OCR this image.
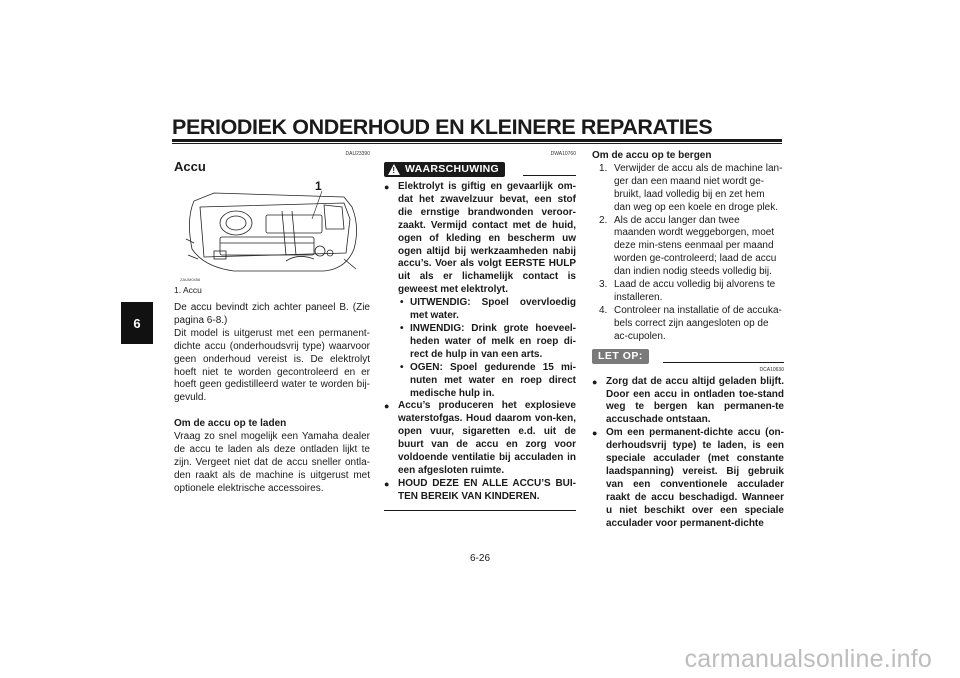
PERIODIEK ONDERHOUD EN KLEINERE REPARATIES
6
DAU23390
Accu
1
ZAUM0456
1. Accu

De accu bevindt zich achter paneel B. (Zie pagina 6-8.)

Dit model is uitgerust met een permanent-dichte accu (onderhoudsvrij type) waarvoor geen onderhoud vereist is. De elektrolyt hoeft niet te worden gecontroleerd en er hoeft geen gedistilleerd water te worden bij-gevuld.

Om de accu op te laden

Vraag zo snel mogelijk een Yamaha dealer de accu te laden als deze ontladen lijkt te zijn. Vergeet niet dat de accu sneller ontla-den raakt als de machine is uitgerust met optionele elektrische accessoires.

DWA10760
!
WAARSCHUWING
● Elektrolyt is giftig en gevaarlijk om-dat het zwavelzuur bevat, een stof die ernstige brandwonden veroor-zaakt. Vermijd contact met de huid, ogen of kleding en bescherm uw ogen altijd bij werkzaamheden nabij accu’s. Voer als volgt EERSTE HULP uit als er lichamelijk contact is geweest met elektrolyt.
• UITWENDIG: Spoel overvloedig met water.
• INWENDIG: Drink grote hoeveel-heden water of melk en roep di-rect de hulp in van een arts.
• OGEN: Spoel gedurende 15 mi-nuten met water en roep direct medische hulp in.
● Accu’s produceren het explosieve waterstofgas. Houd daarom von-ken, open vuur, sigaretten e.d. uit de buurt van de accu en zorg voor voldoende ventilatie bij acculaden in een afgesloten ruimte.
● HOUD DEZE EN ALLE ACCU’S BUI-TEN BEREIK VAN KINDEREN.

Om de accu op te bergen

1. Verwijder de accu als de machine lan-ger dan een maand niet wordt ge-bruikt, laad volledig bij en zet hem dan weg op een koele en droge plek.
2. Als de accu langer dan twee maanden wordt weggeborgen, moet deze min-stens eenmaal per maand worden ge-controleerd; laad de accu dan indien nodig steeds volledig bij.
3. Laad de accu volledig bij alvorens te installeren.
4. Controleer na installatie of de accuka-bels correct zijn aangesloten op de ac-cupolen.
LET OP:
DCA10630
● Zorg dat de accu altijd geladen blijft. Door een accu in ontladen toe-stand weg te bergen kan permanen-te accuschade ontstaan.
● Om een permanent-dichte accu (on-derhoudsvrij type) te laden, is een speciale acculader (met constante laadspanning) vereist. Bij gebruik van een conventionele acculader raakt de accu beschadigd. Wanneer u niet beschikt over een speciale acculader voor permanent-dichte
6-26
carmanualsonline.info
